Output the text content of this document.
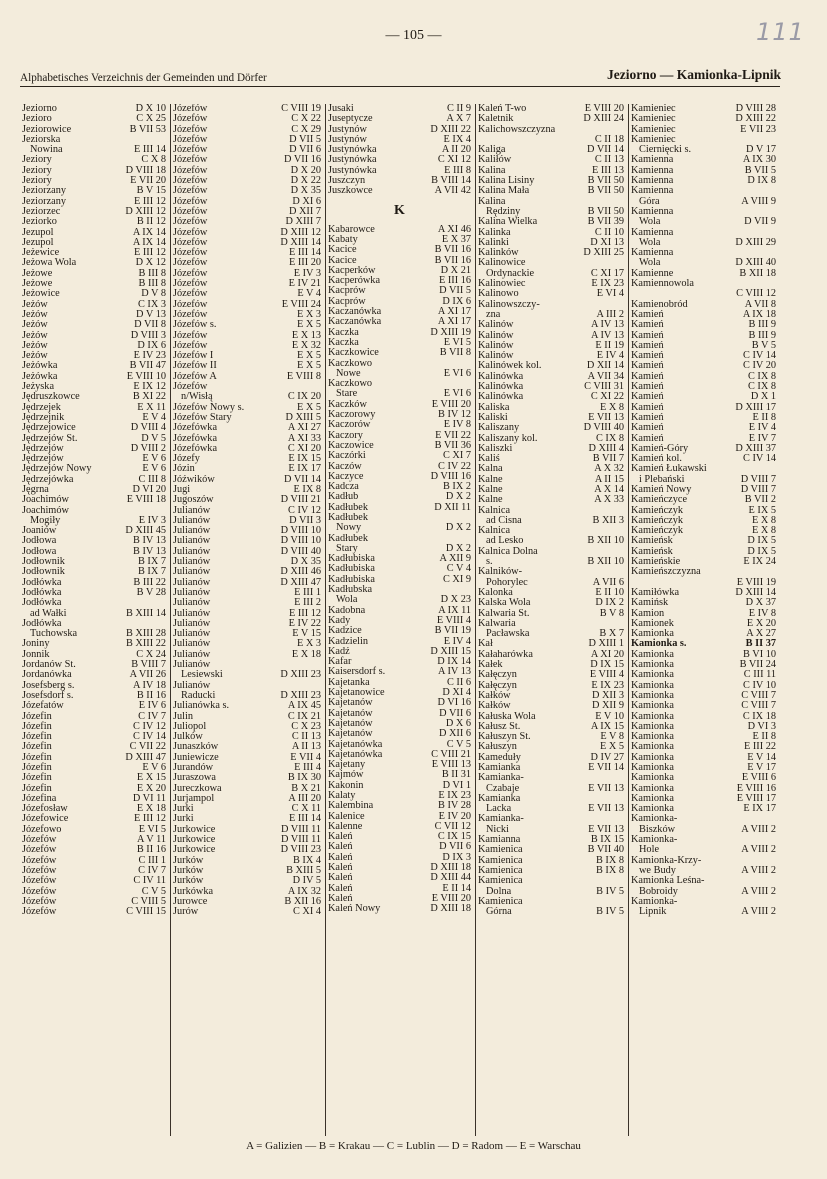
— 105 —	111
Alphabetisches Verzeichnis der Gemeinden und Dörfer	Jeziorno — Kamionka-Lipnik
Jeziorno	D X 10
Jezioro	C X 25
Jeziorowice	B VII 53
Jeziorska
Nowina	E III 14
Jeziory	C X 8
Jeziory	D VIII 18
Jeziory	E VII 20
Jeziorzany	B V 15
Jeziorzany	E III 12
Jeziorzec	D XIII 12
Jeziorko	B II 12
Jezupol	A IX 14
Jezupol	A IX 14
Jeżewice	E III 12
Jeżowa Wola	D X 12
Jeżowe	B III 8
Jeżowe	B III 8
Jeżowice	D V 8
Jeżów	C IX 3
Jeżów	D V 13
Jeżów	D VII 8
Jeżów	D VIII 3
Jeżów	D IX 6
Jeżów	E IV 23
Jeżówka	B VII 47
Jeżówka	E VIII 10
Jeżyska	E IX 12
Jędruszkowce	B XI 22
Jędrzejek	E X 11
Jędrzejnik	E V 4
Jędrzejowice	D VIII 4
Jędrzejów St.	D V 5
Jędrzejów	D VIII 2
Jędrzejów	E V 6
Jędrzejów Nowy	E V 6
Jędrzejówka	C III 8
Jęgrna	D VI 20
Joachimów	E VIII 18
Joachimów
Mogiły	E IV 3
Joaniów	D XIII 45
Jodłowa	B IV 13
Jodłowa	B IV 13
Jodłownik	B IX 7
Jodłownik	B IX 7
Jodłówka	B III 22
Jodłówka	B V 28
Jodłówka
ad Wałki	B XIII 14
Jodłówka
Tuchowska	B XIII 28
Joniny	B XIII 22
Jonnik	C X 24
Jordanów St.	B VIII 7
Jordanówka	A VII 26
Josefsberg s.	A IV 18
Josefsdorf s.	B II 16
Józefatów	E IV 6
Józefin	C IV 7
Józefin	C IV 12
Józefin	C IV 14
Józefin	C VII 22
Józefin	D XIII 47
Józefin	E V 6
Józefin	E X 15
Józefin	E X 20
Józefina	D VI 11
Józefosław	E X 18
Józefowice	E III 12
Józefowo	E VI 5
Józefów	A V 11
Józefów	B II 16
Józefów	C III 1
Józefów	C IV 7
Józefów	C IV 11
Józefów	C V 5
Józefów	C VIII 5
Józefów	C VIII 15
Józefów	C VIII 19
Józefów	C X 22
Józefów	C X 29
Józefów	D VII 5
Józefów	D VII 6
Józefów	D VII 16
Józefów	D X 20
Józefów	D X 22
Józefów	D X 35
Józefów	D XI 6
Józefów	D XII 7
Józefów	D XIII 7
Józefów	D XIII 12
Józefów	D XIII 14
Józefów	E III 14
Józefów	E III 20
Józefów	E IV 3
Józefów	E IV 21
Józefów	E V 4
Józefów	E VIII 24
Józefów	E X 3
Józefów s.	E X 5
Józefów	E X 13
Józefów	E X 32
Józefów I	E X 5
Józefów II	E X 5
Józefów A	E VIII 8
Józefów
n/Wisłą	C IX 20
Józefów Nowy s.	E X 5
Józefów Stary	D XIII 5
Józefówka	A XI 27
Józefówka	A XI 33
Józefówka	C XI 20
Józefy	E IX 15
Józin	E IX 17
Jóźwików	D VII 14
Jugi	E IX 8
Jugoszów	D VIII 21
Julianów	C IV 12
Julianów	D VII 3
Julianów	D VIII 10
Julianów	D VIII 10
Julianów	D VIII 40
Julianów	D X 35
Julianów	D XIII 46
Julianów	D XIII 47
Julianów	E III 1
Julianów	E III 2
Julianów	E III 12
Julianów	E IV 22
Julianów	E V 15
Julianów	E X 3
Julianów	E X 18
Julianów
Lesiewski	D XIII 23
Julianów
Raducki	D XIII 23
Julianówka s.	A IX 45
Julin	C IX 21
Juliopol	C X 23
Julków	C II 13
Junaszków	A II 13
Juniewicze	E VII 4
Jurandów	E III 4
Juraszowa	B IX 30
Jureczkowa	B X 21
Jurjampol	A III 20
Jurki	C X 11
Jurki	E III 14
Jurkowice	D VIII 11
Jurkowice	D VIII 11
Jurkowice	D VIII 23
Jurków	B IX 4
Jurków	B XIII 5
Jurków	D IV 5
Jurkówka	A IX 32
Jurowce	B XII 16
Jurów	C XI 4
Jusaki	C II 9
Juseptycze	A X 7
Justynów	D XIII 22
Justynów	E IX 4
Justynówka	A II 20
Justynówka	C XI 12
Justynówka	E III 8
Juszczyn	B VIII 14
Juszkowce	A VII 42
K
Kabarowce	A XI 46
Kabaty	E X 37
Kacice	B VII 16
Kacice	B VII 16
Kacperków	D X 21
Kacperówka	E III 16
Kacprów	D VII 5
Kacprów	D IX 6
Kaczanówka	A XI 17
Kaczanówka	A XI 17
Kaczka	D XIII 19
Kaczka	E VI 5
Kaczkowice	B VII 8
Kaczkowo
Nowe	E VI 6
Kaczkowo
Stare	E VI 6
Kaczków	E VIII 20
Kaczorowy	B IV 12
Kaczorów	E IV 8
Kaczory	E VII 22
Kaczowice	B VII 36
Kaczórki	C XI 7
Kaczów	C IV 22
Kaczyce	D VIII 16
Kadcza	B IX 2
Kadłub	D X 2
Kadłubek	D XII 11
Kadłubek
Nowy	D X 2
Kadłubek
Stary	D X 2
Kadłubiska	A XII 9
Kadłubiska	C V 4
Kadłubiska	C XI 9
Kadłubska
Wola	D X 23
Kadobna	A IX 11
Kady	E VIII 4
Kadzice	B VII 19
Kadzielin	E IV 4
Kadź	D XIII 15
Kafar	D IX 14
Kaisersdorf s.	A IV 13
Kajetanka	C II 6
Kajetanowice	D XI 4
Kajetanów	D VI 16
Kajetanów	D VII 6
Kajetanów	D X 6
Kajetanów	D XII 6
Kajetanówka	C V 5
Kajetanówka	C VIII 21
Kajetany	E VIII 13
Kajmów	B II 31
Kakonin	D VI 1
Kalaty	E IX 23
Kalembina	B IV 28
Kalenice	E IV 20
Kalenne	C VII 12
Kaleń	C IX 15
Kaleń	D VII 6
Kaleń	D IX 3
Kaleń	D XIII 18
Kaleń	D XIII 44
Kaleń	E II 14
Kaleń	E VIII 20
Kaleń Nowy	D XIII 18
Kaleń T-wo	E VIII 20
Kaletnik	D XIII 24
Kalichowszczyzna
C II 18
Kaliga	D VII 14
Kaliłów	C II 13
Kalina	E III 13
Kalina Lisiny	B VII 50
Kalina Mała	B VII 50
Kalina
Rędziny	B VII 50
Kalina Wielka	B VII 39
Kalinka	C II 10
Kalinki	D XI 13
Kalinków	D XIII 25
Kalinowice
Ordynackie	C XI 17
Kalinowiec	E IX 23
Kalinowo	E VI 4
Kalinowszczy-
zna	A III 2
Kalinów	A IV 13
Kalinów	A IV 13
Kalinów	E II 19
Kalinów	E IV 4
Kalinówek kol.	D XII 14
Kalinówka	A VII 34
Kalinówka	C VIII 31
Kalinówka	C XI 22
Kaliska	E X 8
Kaliski	E VII 13
Kaliszany	D VIII 40
Kaliszany kol.	C IX 8
Kaliszki	D XIII 4
Kaliś	B VII 7
Kalna	A X 32
Kalne	A II 15
Kalne	A X 14
Kalne	A X 33
Kalnica
ad Cisna	B XII 3
Kalnica
ad Lesko	B XII 10
Kalnica Dolna
s.	B XII 10
Kalników-
Pohorylec	A VII 6
Kalonka	E II 10
Kalska Wola	D IX 2
Kalwaria St.	B V 8
Kalwaria
Pacławska	B X 7
Kał	D XIII 1
Kałaharówka	A XI 20
Kałek	D IX 15
Kałęczyn	E VIII 4
Kałęczyn	E IX 23
Kałków	D XII 3
Kałków	D XII 9
Kałuska Wola	E V 10
Kałusz St.	A IX 15
Kałuszyn St.	E V 8
Kałuszyn	E X 5
Kameduły	D IV 27
Kamianka	E VII 14
Kamianka-
Czabaje	E VII 13
Kamianka
Lacka	E VII 13
Kamianka-
Nicki	E VII 13
Kamianna	B IX 15
Kamienica	B VII 40
Kamienica	B IX 8
Kamienica	B IX 8
Kamienica
Dolna	B IV 5
Kamienica
Górna	B IV 5
Kamieniec	D VIII 28
Kamieniec	D XIII 22
Kamieniec	E VII 23
Kamieniec
Ciernięcki s.	D V 17
Kamienna	A IX 30
Kamienna	B VII 5
Kamienna	D IX 8
Kamienna
Góra	A VIII 9
Kamienna
Wola	D VII 9
Kamienna
Wola	D XIII 29
Kamienna
Wola	D XIII 40
Kamienne	B XII 18
Kamiennowola
C VIII 12
Kamienobród	A VII 8
Kamień	A IX 18
Kamień	B III 9
Kamień	B III 9
Kamień	B V 5
Kamień	C IV 14
Kamień	C IV 20
Kamień	C IX 8
Kamień	C IX 8
Kamień	D X 1
Kamień	D XIII 17
Kamień	E II 8
Kamień	E IV 4
Kamień	E IV 7
Kamień-Góry	D XIII 37
Kamień kol.	C IV 14
Kamień Łukawski
i Plebański	D VIII 7
Kamień Nowy	D VIII 7
Kamieńczyce	B VII 2
Kamieńczyk	E IX 5
Kamieńczyk	E X 8
Kamieńczyk	E X 8
Kamieńsk	D IX 5
Kamieńsk	D IX 5
Kamieńskie	E IX 24
Kamieńszczyzna
E VIII 19
Kamiłówka	D XIII 14
Kamińsk	D X 37
Kamion	E IV 8
Kamionek	E X 20
Kamionka	A X 27
Kamionka s.	B II 37
Kamionka	B VI 10
Kamionka	B VII 24
Kamionka	C III 11
Kamionka	C IV 10
Kamionka	C VIII 7
Kamionka	C VIII 7
Kamionka	C IX 18
Kamionka	D VI 3
Kamionka	E II 8
Kamionka	E III 22
Kamionka	E V 14
Kamionka	E V 17
Kamionka	E VIII 6
Kamionka	E VIII 16
Kamionka	E VIII 17
Kamionka	E IX 17
Kamionka-
Biszków	A VIII 2
Kamionka-
Hole	A VIII 2
Kamionka-Krzy-
we Budy	A VIII 2
Kamionka Leśna-
Bobroidy	A VIII 2
Kamionka-
Lipnik	A VIII 2
A = Galizien — B = Krakau — C = Lublin — D = Radom — E = Warschau
